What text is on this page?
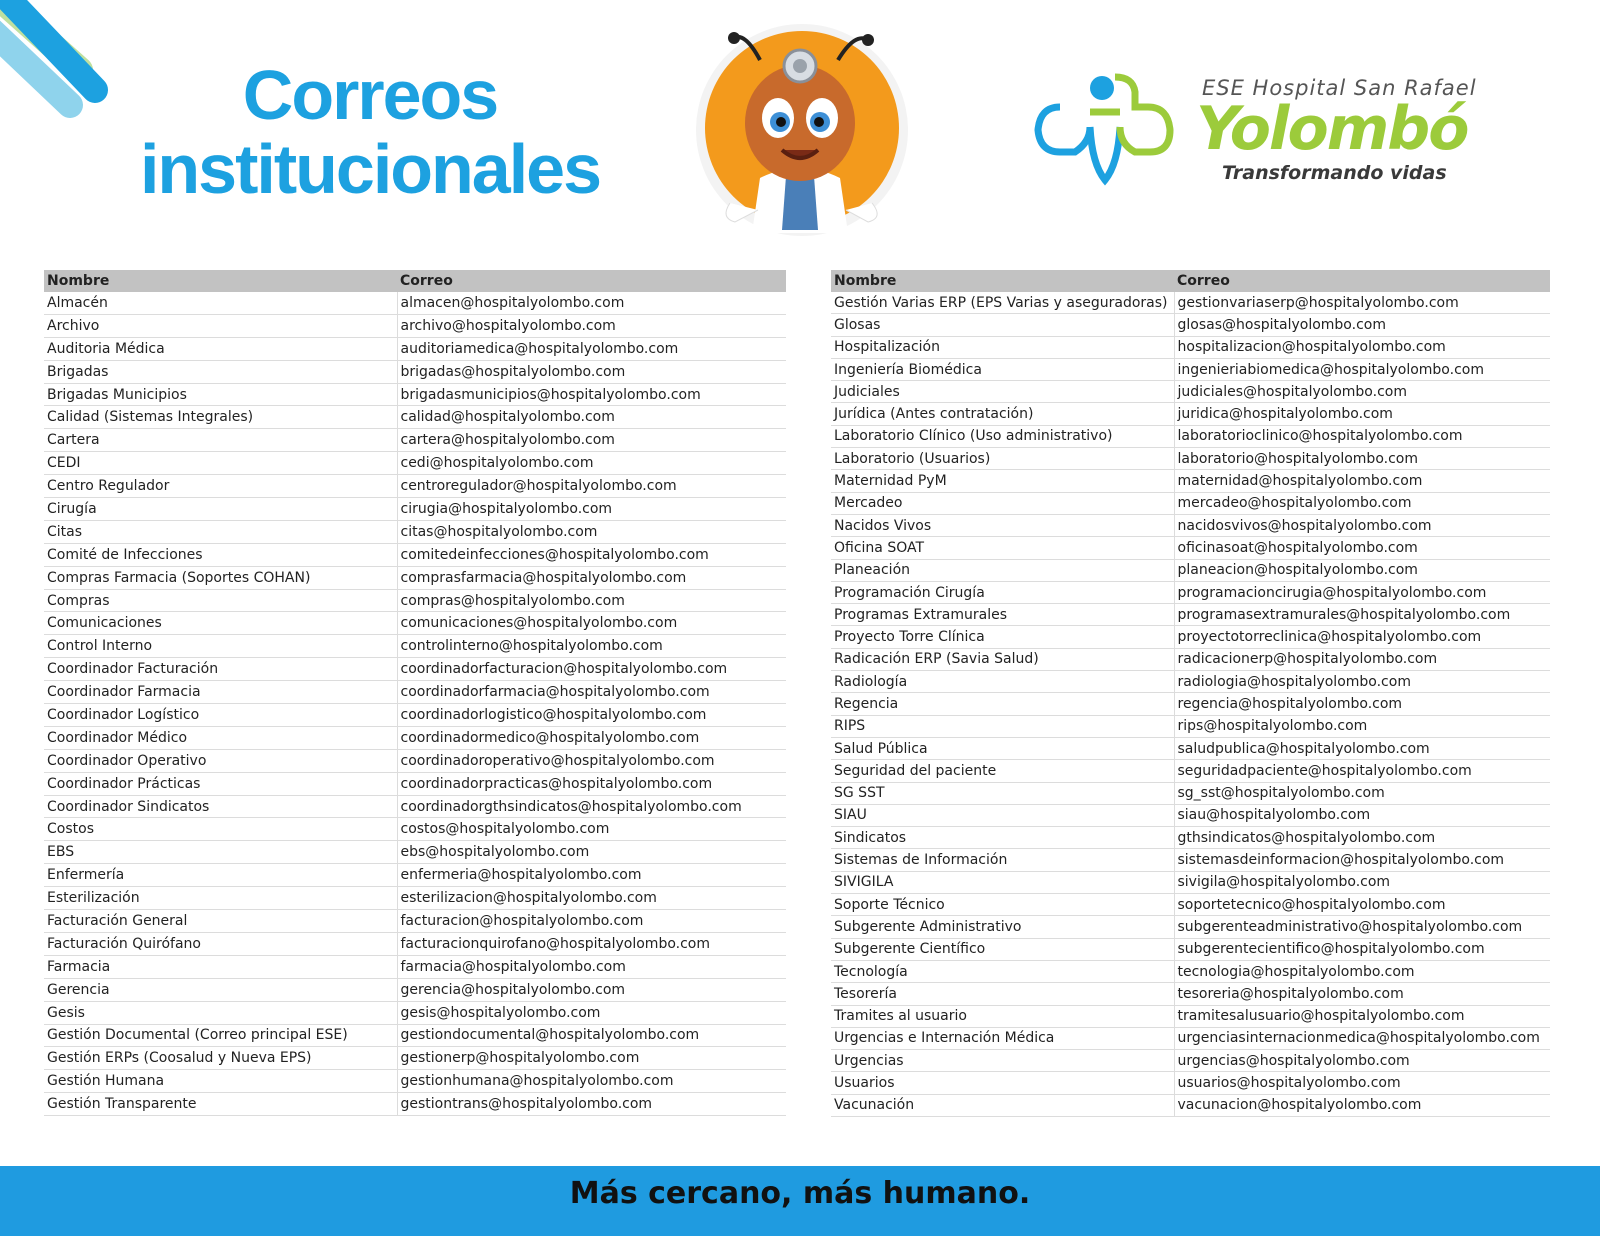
Correos
institucionales
ESE Hospital San Rafael
Yolombó
Transformando vidas
Nombre	Correo
Almacén	almacen@hospitalyolombo.com
Archivo	archivo@hospitalyolombo.com
Auditoria Médica	auditoriamedica@hospitalyolombo.com
Brigadas	brigadas@hospitalyolombo.com
Brigadas Municipios	brigadasmunicipios@hospitalyolombo.com
Calidad (Sistemas Integrales)	calidad@hospitalyolombo.com
Cartera	cartera@hospitalyolombo.com
CEDI	cedi@hospitalyolombo.com
Centro Regulador	centroregulador@hospitalyolombo.com
Cirugía	cirugia@hospitalyolombo.com
Citas	citas@hospitalyolombo.com
Comité de Infecciones	comitedeinfecciones@hospitalyolombo.com
Compras Farmacia (Soportes COHAN)	comprasfarmacia@hospitalyolombo.com
Compras	compras@hospitalyolombo.com
Comunicaciones	comunicaciones@hospitalyolombo.com
Control Interno	controlinterno@hospitalyolombo.com
Coordinador Facturación	coordinadorfacturacion@hospitalyolombo.com
Coordinador Farmacia	coordinadorfarmacia@hospitalyolombo.com
Coordinador Logístico	coordinadorlogistico@hospitalyolombo.com
Coordinador Médico	coordinadormedico@hospitalyolombo.com
Coordinador Operativo	coordinadoroperativo@hospitalyolombo.com
Coordinador Prácticas	coordinadorpracticas@hospitalyolombo.com
Coordinador Sindicatos	coordinadorgthsindicatos@hospitalyolombo.com
Costos	costos@hospitalyolombo.com
EBS	ebs@hospitalyolombo.com
Enfermería	enfermeria@hospitalyolombo.com
Esterilización	esterilizacion@hospitalyolombo.com
Facturación General	facturacion@hospitalyolombo.com
Facturación Quirófano	facturacionquirofano@hospitalyolombo.com
Farmacia	farmacia@hospitalyolombo.com
Gerencia	gerencia@hospitalyolombo.com
Gesis	gesis@hospitalyolombo.com
Gestión Documental (Correo principal ESE)	gestiondocumental@hospitalyolombo.com
Gestión ERPs (Coosalud y Nueva EPS)	gestionerp@hospitalyolombo.com
Gestión Humana	gestionhumana@hospitalyolombo.com
Gestión Transparente	gestiontrans@hospitalyolombo.com
Nombre	Correo
Gestión Varias ERP (EPS Varias y aseguradoras)	gestionvariaserp@hospitalyolombo.com
Glosas	glosas@hospitalyolombo.com
Hospitalización	hospitalizacion@hospitalyolombo.com
Ingeniería Biomédica	ingenieriabiomedica@hospitalyolombo.com
Judiciales	judiciales@hospitalyolombo.com
Jurídica (Antes contratación)	juridica@hospitalyolombo.com
Laboratorio Clínico (Uso administrativo)	laboratorioclinico@hospitalyolombo.com
Laboratorio (Usuarios)	laboratorio@hospitalyolombo.com
Maternidad PyM	maternidad@hospitalyolombo.com
Mercadeo	mercadeo@hospitalyolombo.com
Nacidos Vivos	nacidosvivos@hospitalyolombo.com
Oficina SOAT	oficinasoat@hospitalyolombo.com
Planeación	planeacion@hospitalyolombo.com
Programación Cirugía	programacioncirugia@hospitalyolombo.com
Programas Extramurales	programasextramurales@hospitalyolombo.com
Proyecto Torre Clínica	proyectotorreclinica@hospitalyolombo.com
Radicación ERP (Savia Salud)	radicacionerp@hospitalyolombo.com
Radiología	radiologia@hospitalyolombo.com
Regencia	regencia@hospitalyolombo.com
RIPS	rips@hospitalyolombo.com
Salud Pública	saludpublica@hospitalyolombo.com
Seguridad del paciente	seguridadpaciente@hospitalyolombo.com
SG SST	sg_sst@hospitalyolombo.com
SIAU	siau@hospitalyolombo.com
Sindicatos	gthsindicatos@hospitalyolombo.com
Sistemas de Información	sistemasdeinformacion@hospitalyolombo.com
SIVIGILA	sivigila@hospitalyolombo.com
Soporte Técnico	soportetecnico@hospitalyolombo.com
Subgerente Administrativo	subgerenteadministrativo@hospitalyolombo.com
Subgerente Científico	subgerentecientifico@hospitalyolombo.com
Tecnología	tecnologia@hospitalyolombo.com
Tesorería	tesoreria@hospitalyolombo.com
Tramites al usuario	tramitesalusuario@hospitalyolombo.com
Urgencias e Internación Médica	urgenciasinternacionmedica@hospitalyolombo.com
Urgencias	urgencias@hospitalyolombo.com
Usuarios	usuarios@hospitalyolombo.com
Vacunación	vacunacion@hospitalyolombo.com
Más cercano, más humano.
